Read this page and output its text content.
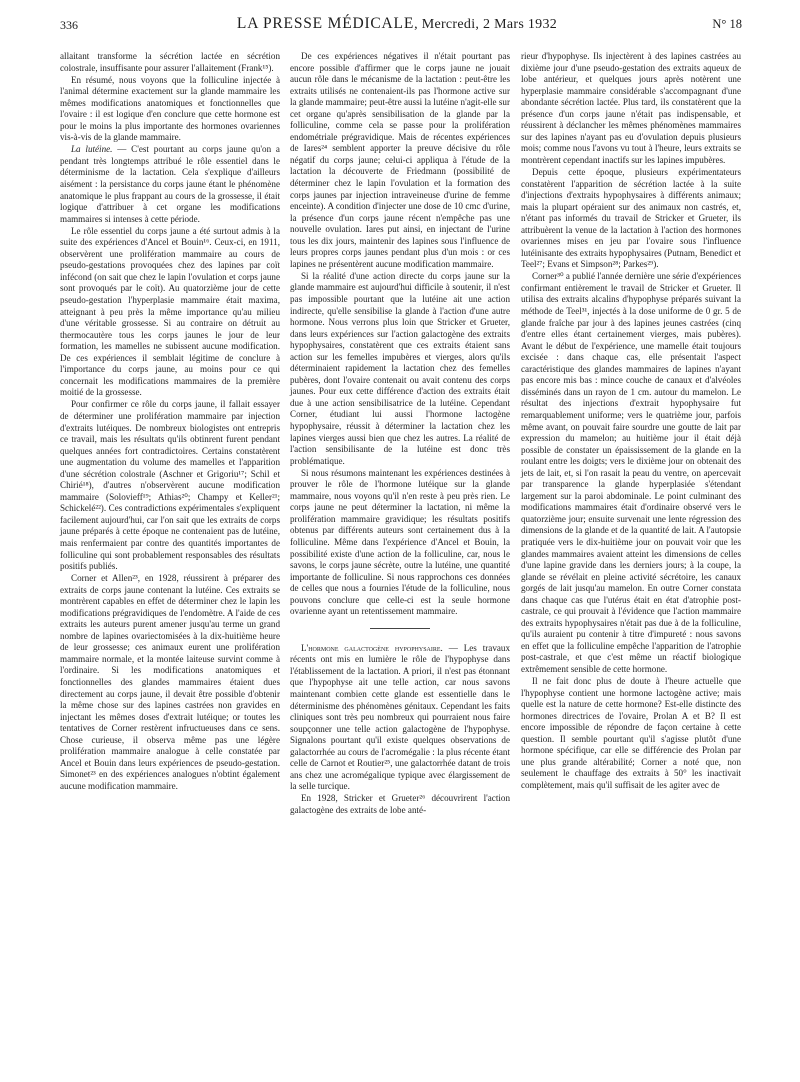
336	LA PRESSE MÉDICALE, Mercredi, 2 Mars 1932	N° 18

allaitant transforme la sécrétion lactée en sécrétion colostrale, insuffisante pour assurer l'allaitement (Frank¹⁵).

En résumé, nous voyons que la folliculine injectée à l'animal détermine exactement sur la glande mammaire les mêmes modifications anatomiques et fonctionnelles que l'ovaire : il est logique d'en conclure que cette hormone est pour le moins la plus importante des hormones ovariennes vis-à-vis de la glande mammaire.

La lutéine. — C'est pourtant au corps jaune qu'on a pendant très longtemps attribué le rôle essentiel dans le déterminisme de la lactation. Cela s'explique d'ailleurs aisément : la persistance du corps jaune étant le phénomène anatomique le plus frappant au cours de la grossesse, il était logique d'attribuer à cet organe les modifications mammaires si intenses à cette période.

Le rôle essentiel du corps jaune a été surtout admis à la suite des expériences d'Ancel et Bouin¹⁶. Ceux-ci, en 1911, observèrent une prolifération mammaire au cours de pseudo-gestations provoquées chez des lapines par coït infécond (on sait que chez le lapin l'ovulation et corps jaune sont provoqués par le coït). Au quatorzième jour de cette pseudo-gestation l'hyperplasie mammaire était maxima, atteignant à peu près la même importance qu'au milieu d'une véritable grossesse. Si au contraire on détruit au thermocautère tous les corps jaunes le jour de leur formation, les mamelles ne subissent aucune modification. De ces expériences il semblait légitime de conclure à l'importance du corps jaune, au moins pour ce qui concernait les modifications mammaires de la première moitié de la grossesse.

Pour confirmer ce rôle du corps jaune, il fallait essayer de déterminer une prolifération mammaire par injection d'extraits lutéiques. De nombreux biologistes ont entrepris ce travail, mais les résultats qu'ils obtinrent furent pendant quelques années fort contradictoires. Certains constatèrent une augmentation du volume des mamelles et l'apparition d'une sécrétion colostrale (Aschner et Grigoriu¹⁷; Schil et Chirié¹⁸), d'autres n'observèrent aucune modification mammaire (Solovieff¹⁹; Athias²⁰; Champy et Keller²¹; Schickelé²²). Ces contradictions expérimentales s'expliquent facilement aujourd'hui, car l'on sait que les extraits de corps jaune préparés à cette époque ne contenaient pas de lutéine, mais renfermaient par contre des quantités importantes de folliculine qui sont probablement responsables des résultats positifs publiés.

Corner et Allen²³, en 1928, réussirent à préparer des extraits de corps jaune contenant la lutéine. Ces extraits se montrèrent capables en effet de déterminer chez le lapin les modifications prégravidiques de l'endomètre. A l'aide de ces extraits les auteurs purent amener jusqu'au terme un grand nombre de lapines ovariectomisées à la dix-huitième heure de leur grossesse; ces animaux eurent une prolifération mammaire normale, et la montée laiteuse survint comme à l'ordinaire. Si les modifications anatomiques et fonctionnelles des glandes mammaires étaient dues directement au corps jaune, il devait être possible d'obtenir la même chose sur des lapines castrées non gravides en injectant les mêmes doses d'extrait lutéique; or toutes les tentatives de Corner restèrent infructueuses dans ce sens. Chose curieuse, il observa même pas une légère prolifération mammaire analogue à celle constatée par Ancel et Bouin dans leurs expériences de pseudo-gestation. Simonet²³ en des expériences analogues n'obtint également aucune modification mammaire.

De ces expériences négatives il n'était pourtant pas encore possible d'affirmer que le corps jaune ne jouait aucun rôle dans le mécanisme de la lactation : peut-être les extraits utilisés ne contenaient-ils pas l'hormone active sur la glande mammaire; peut-être aussi la lutéine n'agit-elle sur cet organe qu'après sensibilisation de la glande par la folliculine, comme cela se passe pour la prolifération endométriale prégravidique. Mais de récentes expériences de Iares²⁴ semblent apporter la preuve décisive du rôle négatif du corps jaune; celui-ci appliqua à l'étude de la lactation la découverte de Friedmann (possibilité de déterminer chez le lapin l'ovulation et la formation des corps jaunes par injection intraveineuse d'urine de femme enceinte). A condition d'injecter une dose de 10 cmc d'urine, la présence d'un corps jaune récent n'empêche pas une nouvelle ovulation. Iares put ainsi, en injectant de l'urine tous les dix jours, maintenir des lapines sous l'influence de leurs propres corps jaunes pendant plus d'un mois : or ces lapines ne présentèrent aucune modification mammaire.

Si la réalité d'une action directe du corps jaune sur la glande mammaire est aujourd'hui difficile à soutenir, il n'est pas impossible pourtant que la lutéine ait une action indirecte, qu'elle sensibilise la glande à l'action d'une autre hormone. Nous verrons plus loin que Stricker et Grueter, dans leurs expériences sur l'action galactogène des extraits hypophysaires, constatèrent que ces extraits étaient sans action sur les femelles impubères et vierges, alors qu'ils déterminaient rapidement la lactation chez des femelles pubères, dont l'ovaire contenait ou avait contenu des corps jaunes. Pour eux cette différence d'action des extraits était due à une action sensibilisatrice de la lutéine. Cependant Corner, étudiant lui aussi l'hormone lactogène hypophysaire, réussit à déterminer la lactation chez les lapines vierges aussi bien que chez les autres. La réalité de l'action sensibilisante de la lutéine est donc très problématique.

Si nous résumons maintenant les expériences destinées à prouver le rôle de l'hormone lutéique sur la glande mammaire, nous voyons qu'il n'en reste à peu près rien. Le corps jaune ne peut déterminer la lactation, ni même la prolifération mammaire gravidique; les résultats positifs obtenus par différents auteurs sont certainement dus à la folliculine. Même dans l'expérience d'Ancel et Bouin, la possibilité existe d'une action de la folliculine, car, nous le savons, le corps jaune sécrète, outre la lutéine, une quantité importante de folliculine. Si nous rapprochons ces données de celles que nous a fournies l'étude de la folliculine, nous pouvons conclure que celle-ci est la seule hormone ovarienne ayant un retentissement mammaire.

L'hormone galactogène hypophysaire. — Les travaux récents ont mis en lumière le rôle de l'hypophyse dans l'établissement de la lactation. A priori, il n'est pas étonnant que l'hypophyse ait une telle action, car nous savons maintenant combien cette glande est essentielle dans le déterminisme des phénomènes génitaux. Cependant les faits cliniques sont très peu nombreux qui pourraient nous faire soupçonner une telle action galactogène de l'hypophyse. Signalons pourtant qu'il existe quelques observations de galactorrhée au cours de l'acromégalie : la plus récente étant celle de Carnot et Routier²⁵, une galactorrhée datant de trois ans chez une acromégalique typique avec élargissement de la selle turcique.

En 1928, Stricker et Grueter²⁶ découvrirent l'action galactogène des extraits de lobe anté-

rieur d'hypophyse. Ils injectèrent à des lapines castrées au dixième jour d'une pseudo-gestation des extraits aqueux de lobe antérieur, et quelques jours après notèrent une hyperplasie mammaire considérable s'accompagnant d'une abondante sécrétion lactée. Plus tard, ils constatèrent que la présence d'un corps jaune n'était pas indispensable, et réussirent à déclancher les mêmes phénomènes mammaires sur des lapines n'ayant pas eu d'ovulation depuis plusieurs mois; comme nous l'avons vu tout à l'heure, leurs extraits se montrèrent cependant inactifs sur les lapines impubères.

Depuis cette époque, plusieurs expérimentateurs constatèrent l'apparition de sécrétion lactée à la suite d'injections d'extraits hypophysaires à différents animaux; mais la plupart opéraient sur des animaux non castrés, et, n'étant pas informés du travail de Stricker et Grueter, ils attribuèrent la venue de la lactation à l'action des hormones ovariennes mises en jeu par l'ovaire sous l'influence lutéinisante des extraits hypophysaires (Putnam, Benedict et Teel²⁷; Evans et Simpson²⁸; Parkes²⁹).

Corner³⁰ a publié l'année dernière une série d'expériences confirmant entièrement le travail de Stricker et Grueter. Il utilisa des extraits alcalins d'hypophyse préparés suivant la méthode de Teel³¹, injectés à la dose uniforme de 0 gr. 5 de glande fraîche par jour à des lapines jeunes castrées (cinq d'entre elles étant certainement vierges, mais pubères). Avant le début de l'expérience, une mamelle était toujours excisée : dans chaque cas, elle présentait l'aspect caractéristique des glandes mammaires de lapines n'ayant pas encore mis bas : mince couche de canaux et d'alvéoles disséminés dans un rayon de 1 cm. autour du mamelon. Le résultat des injections d'extrait hypophysaire fut remarquablement uniforme; vers le quatrième jour, parfois même avant, on pouvait faire sourdre une goutte de lait par expression du mamelon; au huitième jour il était déjà possible de constater un épaississement de la glande en la roulant entre les doigts; vers le dixième jour on obtenait des jets de lait, et, si l'on rasait la peau du ventre, on apercevait par transparence la glande hyperplasiée s'étendant largement sur la paroi abdominale. Le point culminant des modifications mammaires était d'ordinaire observé vers le quatorzième jour; ensuite survenait une lente régression des dimensions de la glande et de la quantité de lait. A l'autopsie pratiquée vers le dix-huitième jour on pouvait voir que les glandes mammaires avaient atteint les dimensions de celles d'une lapine gravide dans les derniers jours; à la coupe, la glande se révélait en pleine activité sécrétoire, les canaux gorgés de lait jusqu'au mamelon. En outre Corner constata dans chaque cas que l'utérus était en état d'atrophie post-castrale, ce qui prouvait à l'évidence que l'action mammaire des extraits hypophysaires n'était pas due à de la folliculine, qu'ils auraient pu contenir à titre d'impureté : nous savons en effet que la folliculine empêche l'apparition de l'atrophie post-castrale, et que c'est même un réactif biologique extrêmement sensible de cette hormone.

Il ne fait donc plus de doute à l'heure actuelle que l'hypophyse contient une hormone lactogène active; mais quelle est la nature de cette hormone? Est-elle distincte des hormones directrices de l'ovaire, Prolan A et B? Il est encore impossible de répondre de façon certaine à cette question. Il semble pourtant qu'il s'agisse plutôt d'une hormone spécifique, car elle se différencie des Prolan par une plus grande altérabilité; Corner a noté que, non seulement le chauffage des extraits à 50° les inactivait complètement, mais qu'il suffisait de les agiter avec de
